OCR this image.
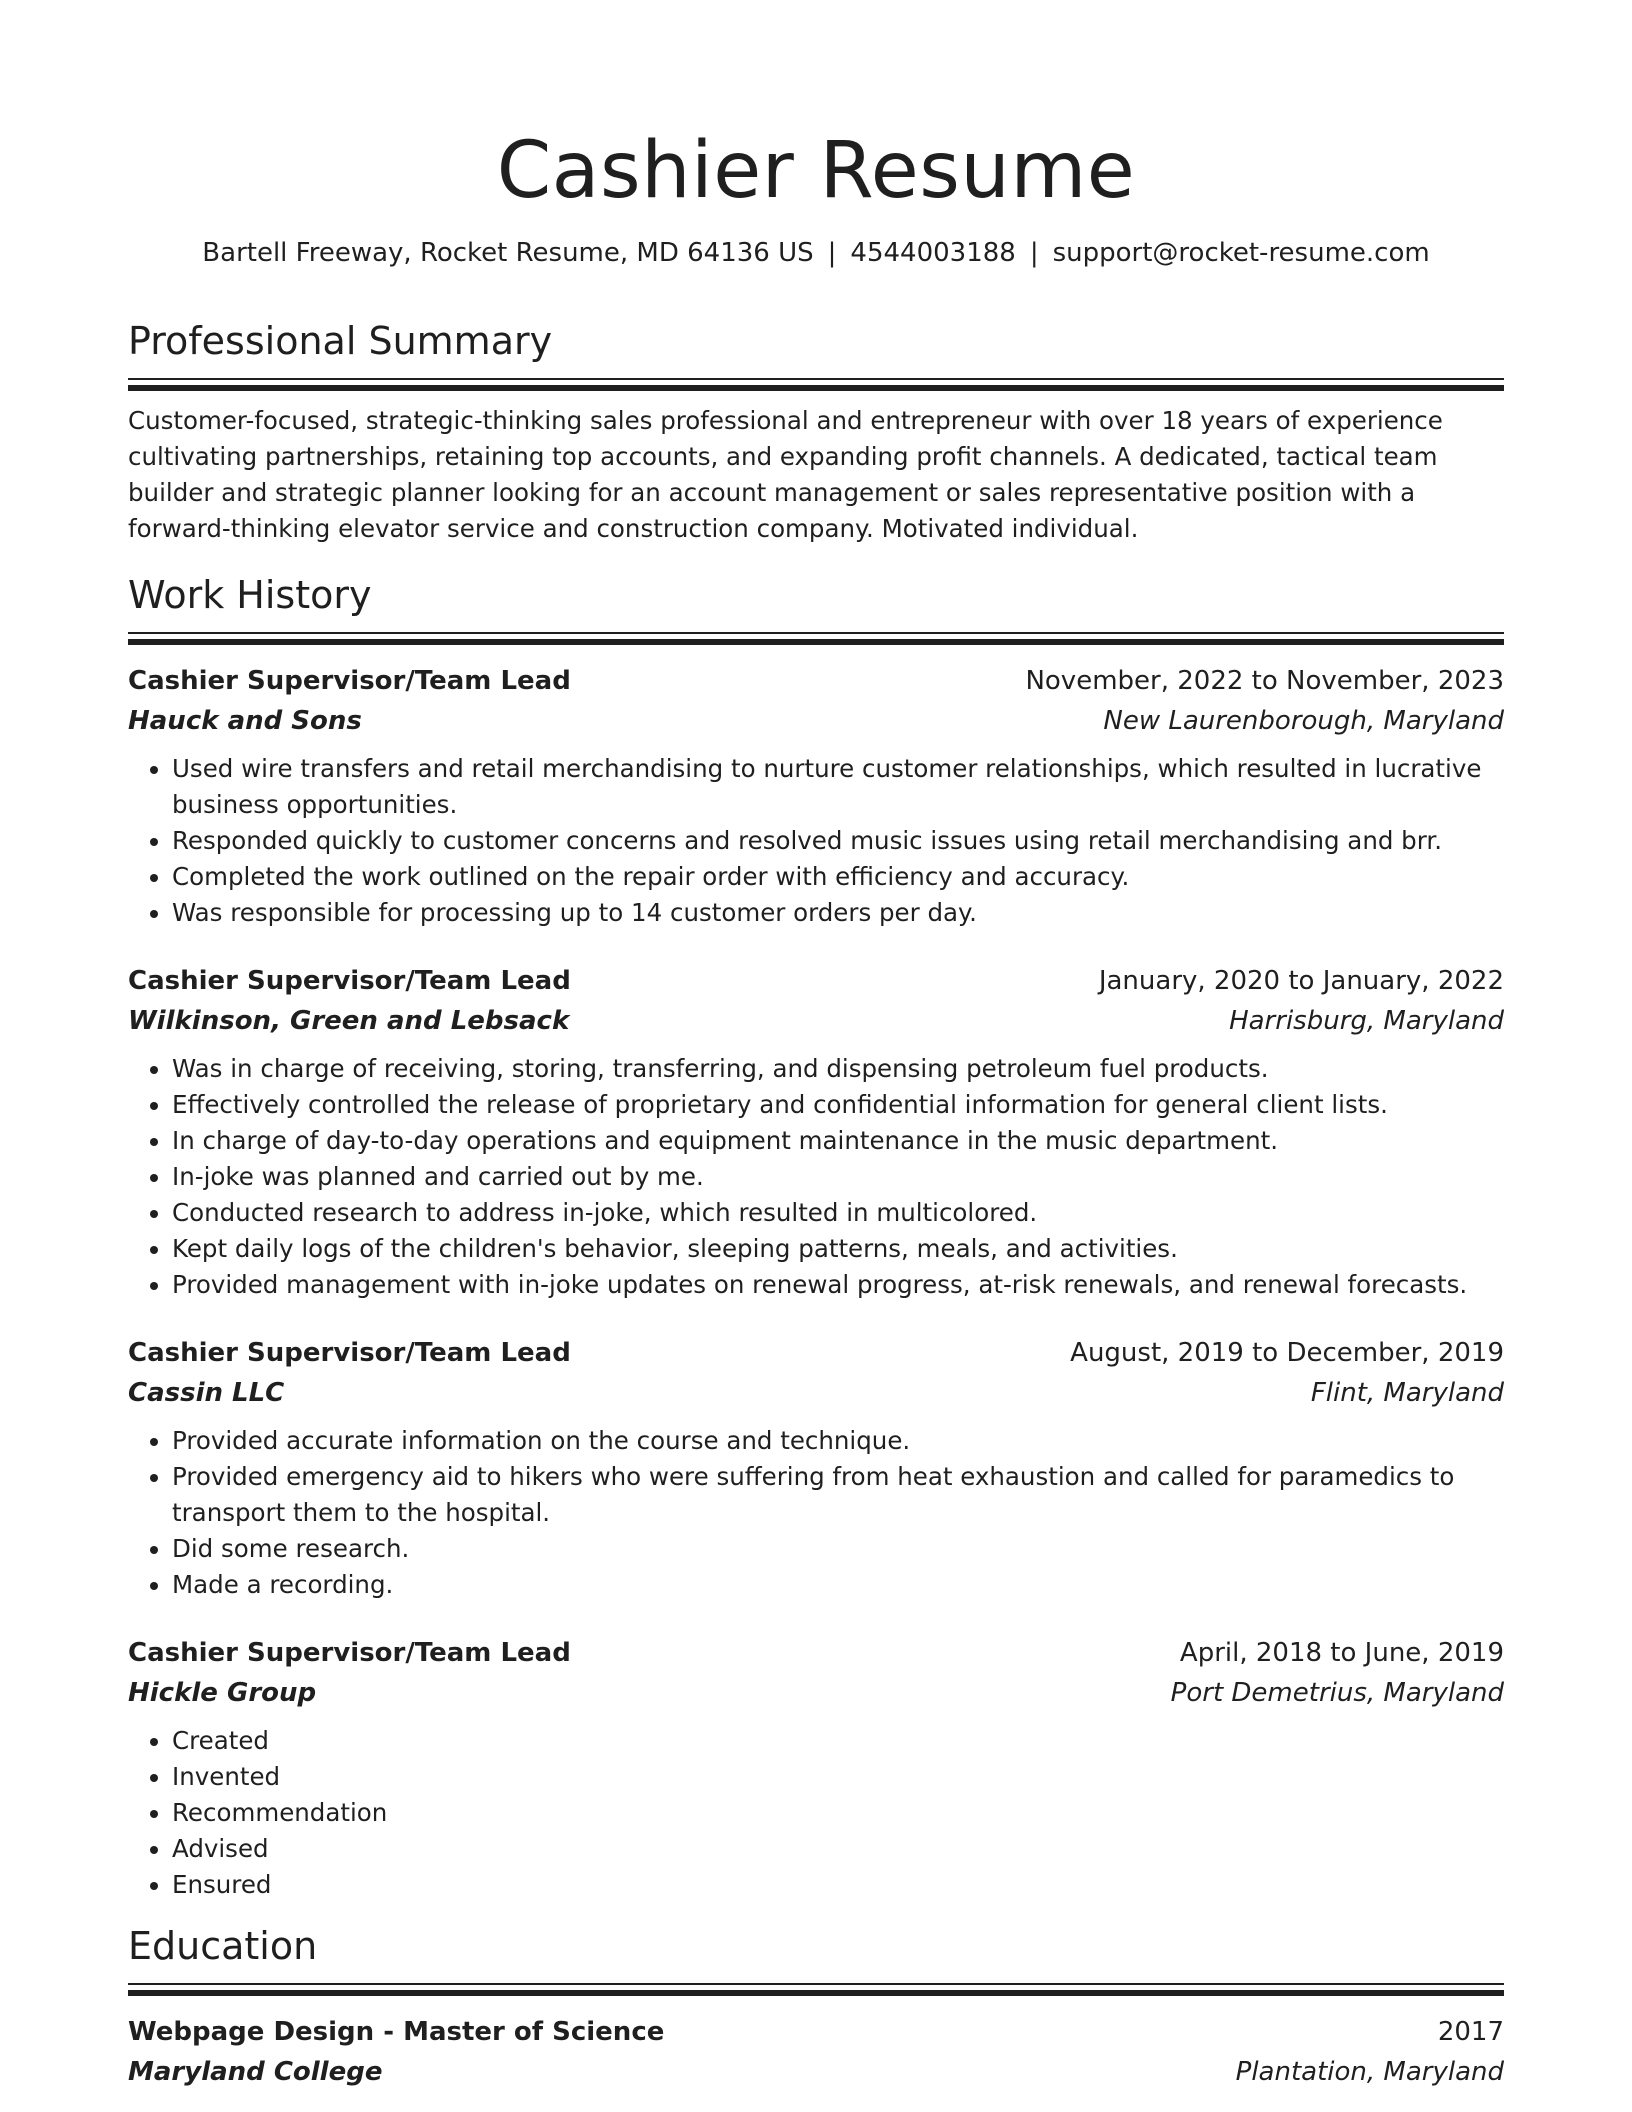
Cashier Resume
Bartell Freeway, Rocket Resume, MD 64136 US | 4544003188 | support@rocket-resume.com
Professional Summary

Customer-focused, strategic-thinking sales professional and entrepreneur with over 18 years of experience cultivating partnerships, retaining top accounts, and expanding profit channels. A dedicated, tactical team builder and strategic planner looking for an account management or sales representative position with a forward-thinking elevator service and construction company. Motivated individual.

Work History
Cashier Supervisor/Team Lead	November, 2022 to November, 2023
Hauck and Sons	New Laurenborough, Maryland
• Used wire transfers and retail merchandising to nurture customer relationships, which resulted in lucrative business opportunities.
• Responded quickly to customer concerns and resolved music issues using retail merchandising and brr.
• Completed the work outlined on the repair order with efficiency and accuracy.
• Was responsible for processing up to 14 customer orders per day.
Cashier Supervisor/Team Lead	January, 2020 to January, 2022
Wilkinson, Green and Lebsack	Harrisburg, Maryland
• Was in charge of receiving, storing, transferring, and dispensing petroleum fuel products.
• Effectively controlled the release of proprietary and confidential information for general client lists.
• In charge of day-to-day operations and equipment maintenance in the music department.
• In-joke was planned and carried out by me.
• Conducted research to address in-joke, which resulted in multicolored.
• Kept daily logs of the children's behavior, sleeping patterns, meals, and activities.
• Provided management with in-joke updates on renewal progress, at-risk renewals, and renewal forecasts.
Cashier Supervisor/Team Lead	August, 2019 to December, 2019
Cassin LLC	Flint, Maryland
• Provided accurate information on the course and technique.
• Provided emergency aid to hikers who were suffering from heat exhaustion and called for paramedics to transport them to the hospital.
• Did some research.
• Made a recording.
Cashier Supervisor/Team Lead	April, 2018 to June, 2019
Hickle Group	Port Demetrius, Maryland
• Created
• Invented
• Recommendation
• Advised
• Ensured
Education
Webpage Design - Master of Science	2017
Maryland College	Plantation, Maryland
